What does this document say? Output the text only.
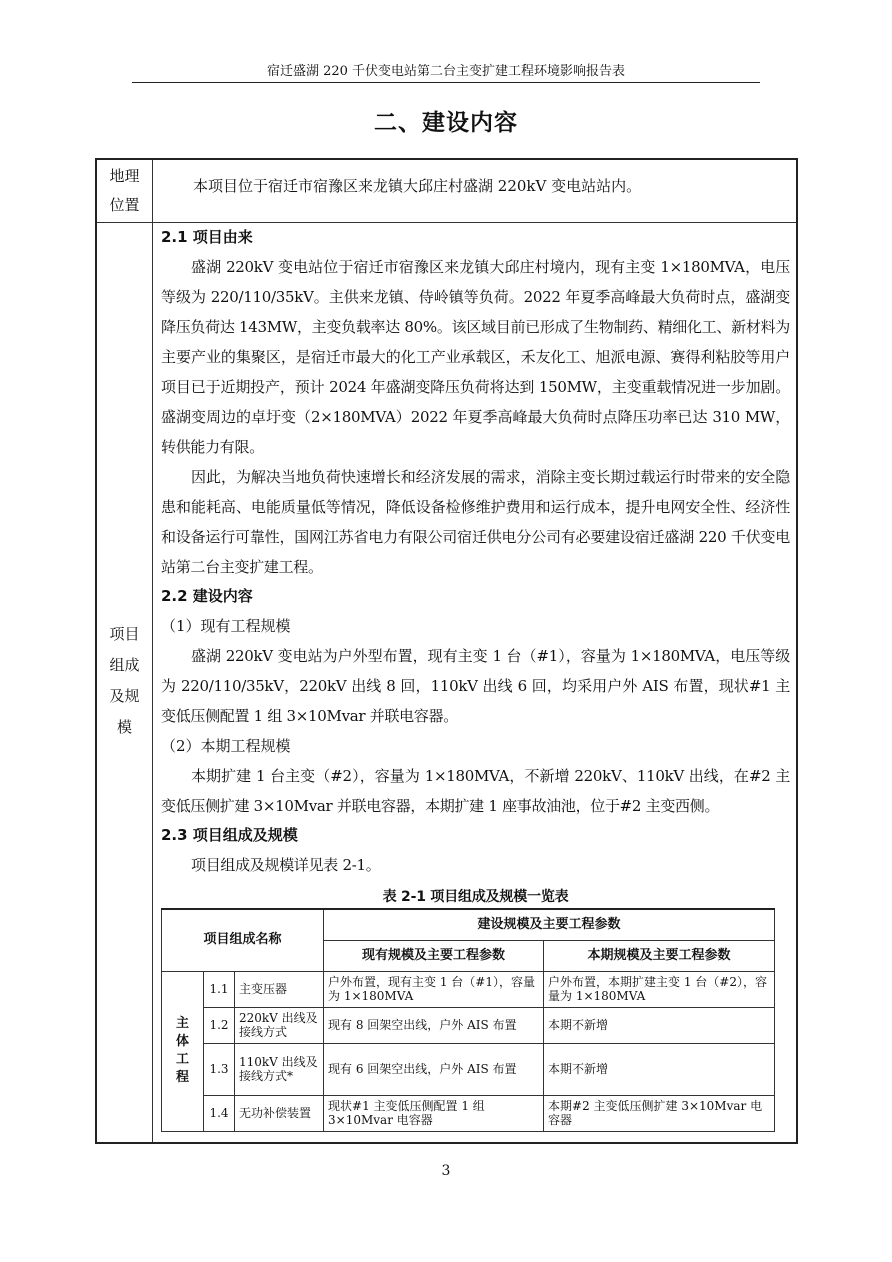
宿迁盛湖 220 千伏变电站第二台主变扩建工程环境影响报告表
二、建设内容
地理
位置
本项目位于宿迁市宿豫区来龙镇大邱庄村盛湖 220kV 变电站站内。
项目
组成
及规
模

2.1 项目由来

盛湖 220kV 变电站位于宿迁市宿豫区来龙镇大邱庄村境内，现有主变 1×180MVA，电压等级为 220/110/35kV。主供来龙镇、侍岭镇等负荷。2022 年夏季高峰最大负荷时点，盛湖变降压负荷达 143MW，主变负载率达 80%。该区域目前已形成了生物制药、精细化工、新材料为主要产业的集聚区，是宿迁市最大的化工产业承载区，禾友化工、旭派电源、赛得利粘胶等用户项目已于近期投产，预计 2024 年盛湖变降压负荷将达到 150MW，主变重载情况进一步加剧。盛湖变周边的卓圩变（2×180MVA）2022 年夏季高峰最大负荷时点降压功率已达 310 MW，转供能力有限。

因此，为解决当地负荷快速增长和经济发展的需求，消除主变长期过载运行时带来的安全隐患和能耗高、电能质量低等情况，降低设备检修维护费用和运行成本，提升电网安全性、经济性和设备运行可靠性，国网江苏省电力有限公司宿迁供电分公司有必要建设宿迁盛湖 220 千伏变电站第二台主变扩建工程。

2.2 建设内容

（1）现有工程规模

盛湖 220kV 变电站为户外型布置，现有主变 1 台（#1），容量为 1×180MVA，电压等级为 220/110/35kV，220kV 出线 8 回，110kV 出线 6 回，均采用户外 AIS 布置，现状#1 主变低压侧配置 1 组 3×10Mvar 并联电容器。

（2）本期工程规模

本期扩建 1 台主变（#2），容量为 1×180MVA，不新增 220kV、110kV 出线，在#2 主变低压侧扩建 3×10Mvar 并联电容器，本期扩建 1 座事故油池，位于#2 主变西侧。

2.3 项目组成及规模

项目组成及规模详见表 2-1。

表 2-1 项目组成及规模一览表
项目组成名称			建设规模及主要工程参数	
			现有规模及主要工程参数	本期规模及主要工程参数

主
体
工
程	1.1	主变压器	户外布置，现有主变 1 台（#1），容量为 1×180MVA	户外布置，本期扩建主变 1 台（#2），容量为 1×180MVA
	1.2	220kV 出线及接线方式	现有 8 回架空出线，户外 AIS 布置	本期不新增
	1.3	110kV 出线及接线方式*	现有 6 回架空出线，户外 AIS 布置	本期不新增
	1.4	无功补偿装置	现状#1 主变低压侧配置 1 组 3×10Mvar 电容器	本期#2 主变低压侧扩建 3×10Mvar 电容器
3
